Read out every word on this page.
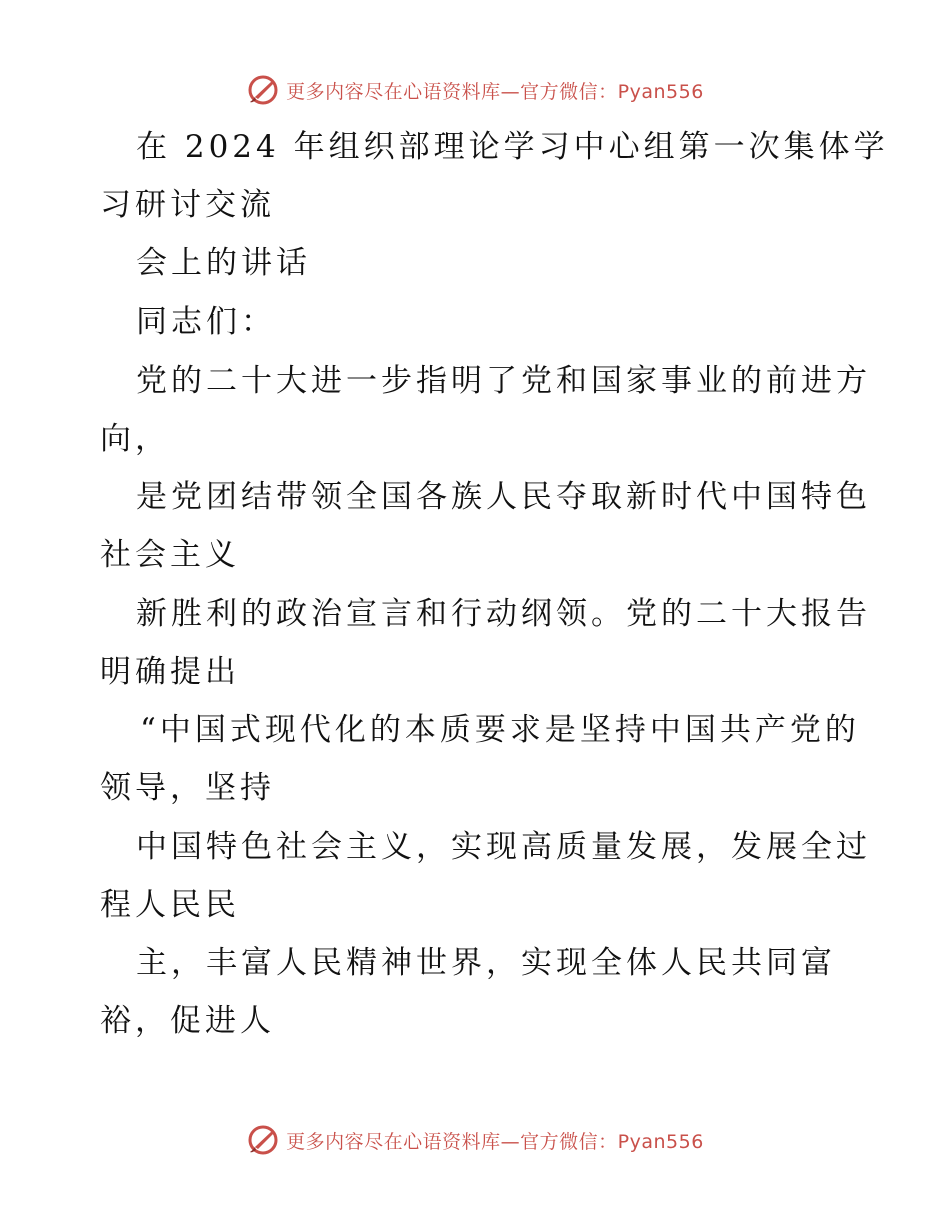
更多内容尽在心语资料库—官方微信：Pyan556
在 2024 年组织部理论学习中心组第一次集体学
习研讨交流
会上的讲话
同志们：
党的二十大进一步指明了党和国家事业的前进方
向，
是党团结带领全国各族人民夺取新时代中国特色
社会主义
新胜利的政治宣言和行动纲领。党的二十大报告
明确提出
“中国式现代化的本质要求是坚持中国共产党的
领导，坚持
中国特色社会主义，实现高质量发展，发展全过
程人民民
主，丰富人民精神世界，实现全体人民共同富
裕，促进人
更多内容尽在心语资料库—官方微信：Pyan556
